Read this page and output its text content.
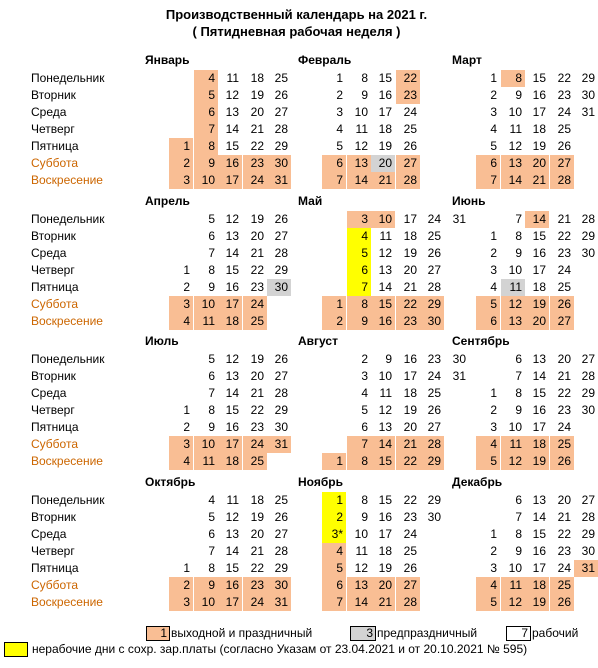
Производственный календарь на 2021 г.
( Пятидневная рабочая неделя )
Понедельник
Вторник
Среда
Четверг
Пятница
Суббота
Воскресение
Январь
1
2
3
4
5
6
7
8
9
10
11
12
13
14
15
16
17
18
19
20
21
22
23
24
25
26
27
28
29
30
31
Февраль
1
2
3
4
5
6
7
8
9
10
11
12
13
14
15
16
17
18
19
20
21
22
23
24
25
26
27
28
Март
1
2
3
4
5
6
7
8
9
10
11
12
13
14
15
16
17
18
19
20
21
22
23
24
25
26
27
28
29
30
31
Понедельник
Вторник
Среда
Четверг
Пятница
Суббота
Воскресение
Апрель
1
2
3
4
5
6
7
8
9
10
11
12
13
14
15
16
17
18
19
20
21
22
23
24
25
26
27
28
29
30
Май
1
2
3
4
5
6
7
8
9
10
11
12
13
14
15
16
17
18
19
20
21
22
23
24
25
26
27
28
29
30
31
Июнь
1
2
3
4
5
6
7
8
9
10
11
12
13
14
15
16
17
18
19
20
21
22
23
24
25
26
27
28
29
30
Понедельник
Вторник
Среда
Четверг
Пятница
Суббота
Воскресение
Июль
1
2
3
4
5
6
7
8
9
10
11
12
13
14
15
16
17
18
19
20
21
22
23
24
25
26
27
28
29
30
31
Август
1
2
3
4
5
6
7
8
9
10
11
12
13
14
15
16
17
18
19
20
21
22
23
24
25
26
27
28
29
30
31
Сентябрь
1
2
3
4
5
6
7
8
9
10
11
12
13
14
15
16
17
18
19
20
21
22
23
24
25
26
27
28
29
30
Понедельник
Вторник
Среда
Четверг
Пятница
Суббота
Воскресение
Октябрь
1
2
3
4
5
6
7
8
9
10
11
12
13
14
15
16
17
18
19
20
21
22
23
24
25
26
27
28
29
30
31
Ноябрь
1
2
3*
4
5
6
7
8
9
10
11
12
13
14
15
16
17
18
19
20
21
22
23
24
25
26
27
28
29
30
Декабрь
1
2
3
4
5
6
7
8
9
10
11
12
13
14
15
16
17
18
19
20
21
22
23
24
25
26
27
28
29
30
31
1 выходной и праздничный	3 предпраздничный	7 рабочий
нерабочие дни с сохр. зар.платы (согласно Указам от 23.04.2021 и от 20.10.2021 № 595)
